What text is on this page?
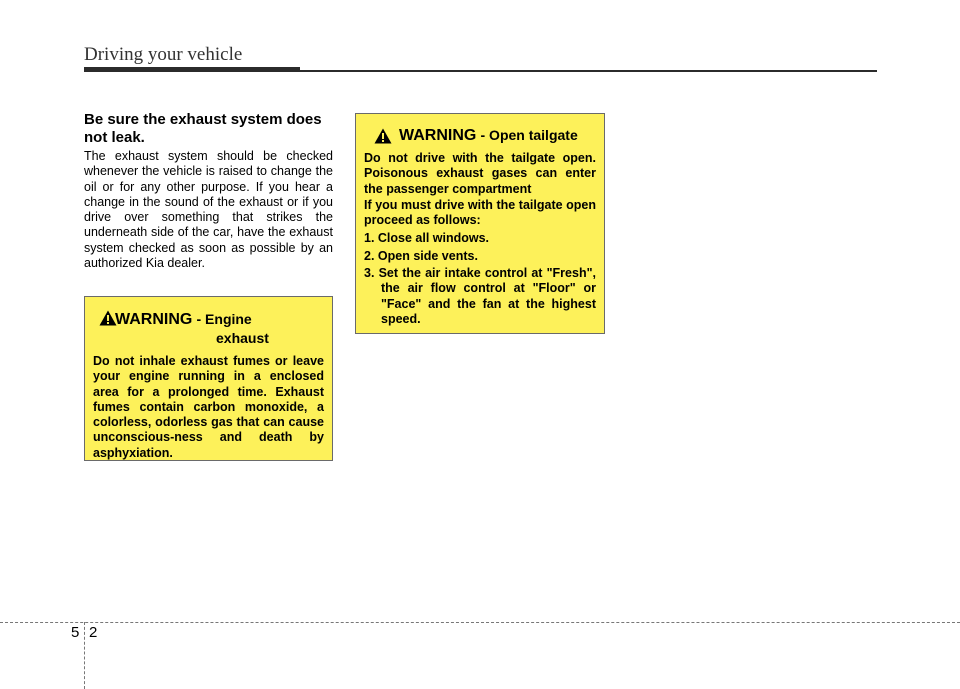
Driving your vehicle
Be sure the exhaust system does not leak.

The exhaust system should be checked whenever the vehicle is raised to change the oil or for any other purpose. If you hear a change in the sound of the exhaust or if you drive over something that strikes the underneath side of the car, have the exhaust system checked as soon as possible by an authorized Kia dealer.

WARNING - Engine
exhaust

Do not inhale exhaust fumes or leave your engine running in a enclosed area for a prolonged time. Exhaust fumes contain carbon monoxide, a colorless, odorless gas that can cause unconscious-ness and death by asphyxiation.

WARNING - Open tailgate

Do not drive with the tailgate open. Poisonous exhaust gases can enter the passenger compartment

If you must drive with the tailgate open proceed as follows:

1. Close all windows.
2. Open side vents.
3. Set the air intake control at "Fresh", the air flow control at "Floor" or "Face" and the fan at the highest speed.
5 2
